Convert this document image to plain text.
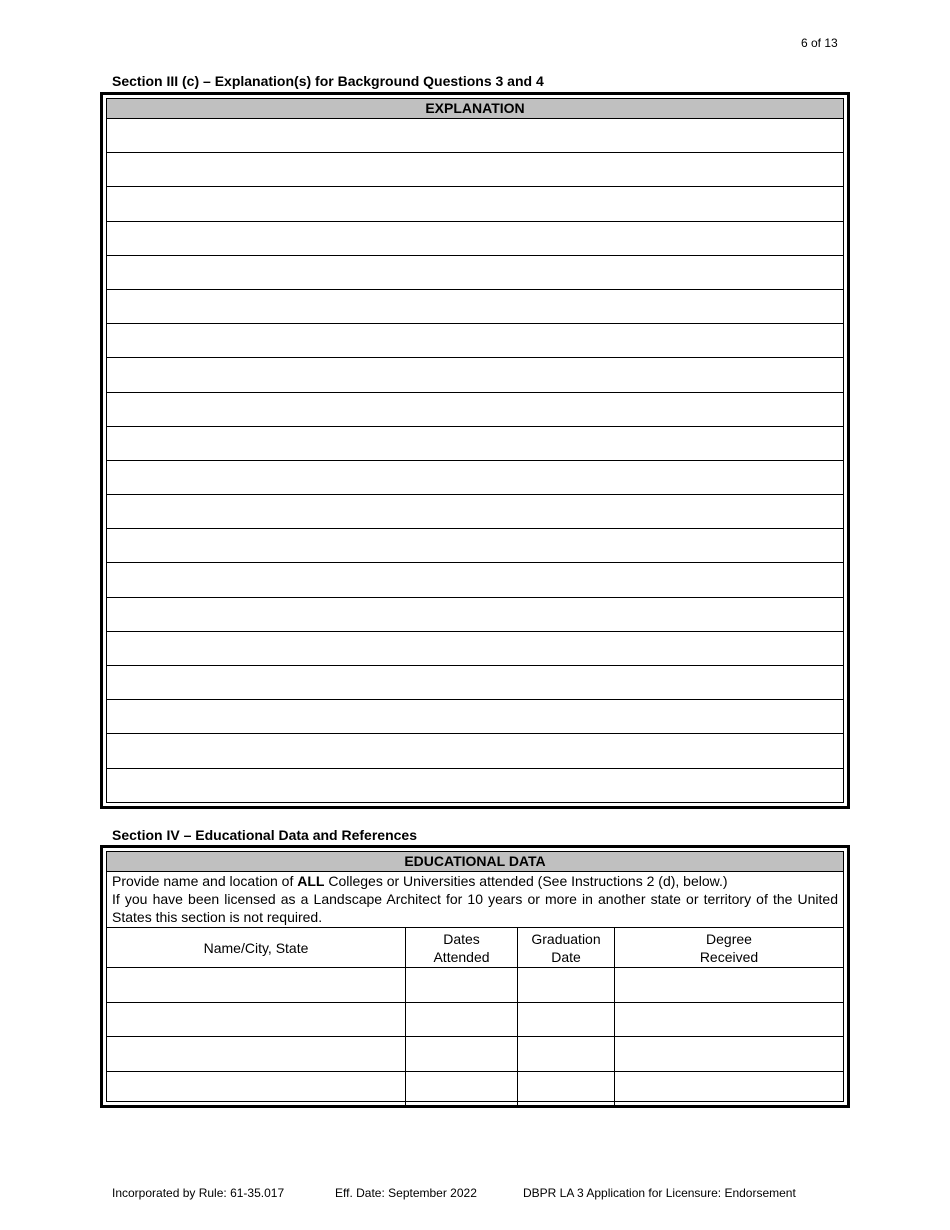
6 of 13
Section III (c) – Explanation(s) for Background Questions 3 and 4
EXPLANATION
Section IV – Educational Data and References
EDUCATIONAL DATA
Provide name and location of ALL Colleges or Universities attended (See Instructions 2 (d), below.)
If you have been licensed as a Landscape Architect for 10 years or more in another state or territory of the United States this section is not required.
Name/City, State
Dates
Attended
Graduation
Date
Degree
Received
Incorporated by Rule: 61-35.017	Eff. Date: September 2022	DBPR LA 3 Application for Licensure: Endorsement
